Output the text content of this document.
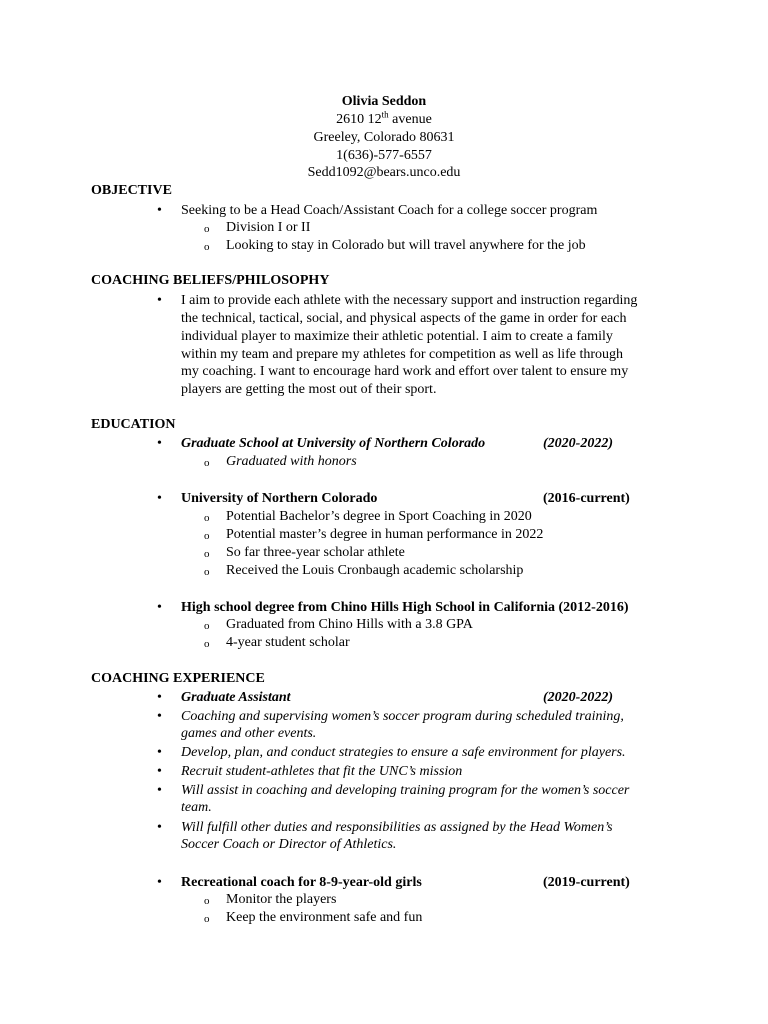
Olivia Seddon
2610 12th avenue
Greeley, Colorado 80631
1(636)-577-6557
Sedd1092@bears.unco.edu
OBJECTIVE
• Seeking to be a Head Coach/Assistant Coach for a college soccer program
o Division I or II
o Looking to stay in Colorado but will travel anywhere for the job
COACHING BELIEFS/PHILOSOPHY
• I aim to provide each athlete with the necessary support and instruction regarding
the technical, tactical, social, and physical aspects of the game in order for each
individual player to maximize their athletic potential. I aim to create a family
within my team and prepare my athletes for competition as well as life through
my coaching. I want to encourage hard work and effort over talent to ensure my
players are getting the most out of their sport.
EDUCATION
• Graduate School at University of Northern Colorado	(2020-2022)
o Graduated with honors
• University of Northern Colorado	(2016-current)
o Potential Bachelor’s degree in Sport Coaching in 2020
o Potential master’s degree in human performance in 2022
o So far three-year scholar athlete
o Received the Louis Cronbaugh academic scholarship
• High school degree from Chino Hills High School in California (2012-2016)
o Graduated from Chino Hills with a 3.8 GPA
o 4-year student scholar
COACHING EXPERIENCE
• Graduate Assistant	(2020-2022)
• Coaching and supervising women’s soccer program during scheduled training,
games and other events.
• Develop, plan, and conduct strategies to ensure a safe environment for players.
• Recruit student-athletes that fit the UNC’s mission
• Will assist in coaching and developing training program for the women’s soccer
team.
• Will fulfill other duties and responsibilities as assigned by the Head Women’s
Soccer Coach or Director of Athletics.
• Recreational coach for 8-9-year-old girls	(2019-current)
o Monitor the players
o Keep the environment safe and fun
